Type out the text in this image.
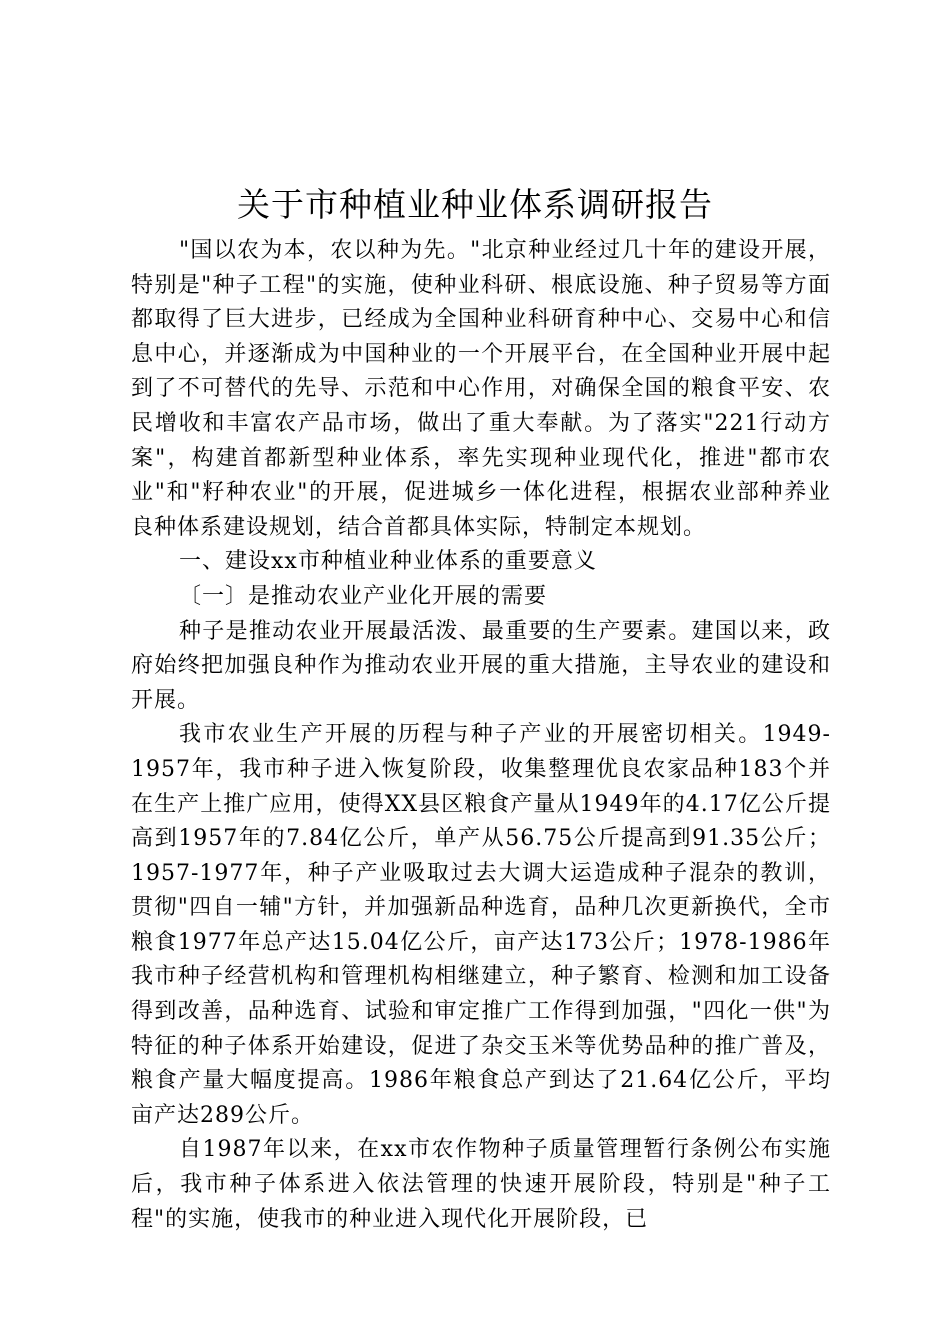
关于市种植业种业体系调研报告

"国以农为本，农以种为先。"北京种业经过几十年的建设开展，特别是"种子工程"的实施，使种业科研、根底设施、种子贸易等方面都取得了巨大进步，已经成为全国种业科研育种中心、交易中心和信息中心，并逐渐成为中国种业的一个开展平台，在全国种业开展中起到了不可替代的先导、示范和中心作用，对确保全国的粮食平安、农民增收和丰富农产品市场，做出了重大奉献。为了落实"221行动方案"，构建首都新型种业体系，率先实现种业现代化，推进"都市农业"和"籽种农业"的开展，促进城乡一体化进程，根据农业部种养业良种体系建设规划，结合首都具体实际，特制定本规划。

一、建设xx市种植业种业体系的重要意义

〔一〕是推动农业产业化开展的需要

种子是推动农业开展最活泼、最重要的生产要素。建国以来，政府始终把加强良种作为推动农业开展的重大措施，主导农业的建设和开展。

我市农业生产开展的历程与种子产业的开展密切相关。1949-1957年，我市种子进入恢复阶段，收集整理优良农家品种183个并在生产上推广应用，使得XX县区粮食产量从1949年的4.17亿公斤提高到1957年的7.84亿公斤，单产从56.75公斤提高到91.35公斤；1957-1977年，种子产业吸取过去大调大运造成种子混杂的教训，贯彻"四自一辅"方针，并加强新品种选育，品种几次更新换代，全市粮食1977年总产达15.04亿公斤，亩产达173公斤；1978-1986年我市种子经营机构和管理机构相继建立，种子繁育、检测和加工设备得到改善，品种选育、试验和审定推广工作得到加强，"四化一供"为特征的种子体系开始建设，促进了杂交玉米等优势品种的推广普及，粮食产量大幅度提高。1986年粮食总产到达了21.64亿公斤，平均亩产达289公斤。

自1987年以来，在xx市农作物种子质量管理暂行条例公布实施后，我市种子体系进入依法管理的快速开展阶段，特别是"种子工程"的实施，使我市的种业进入现代化开展阶段，已
